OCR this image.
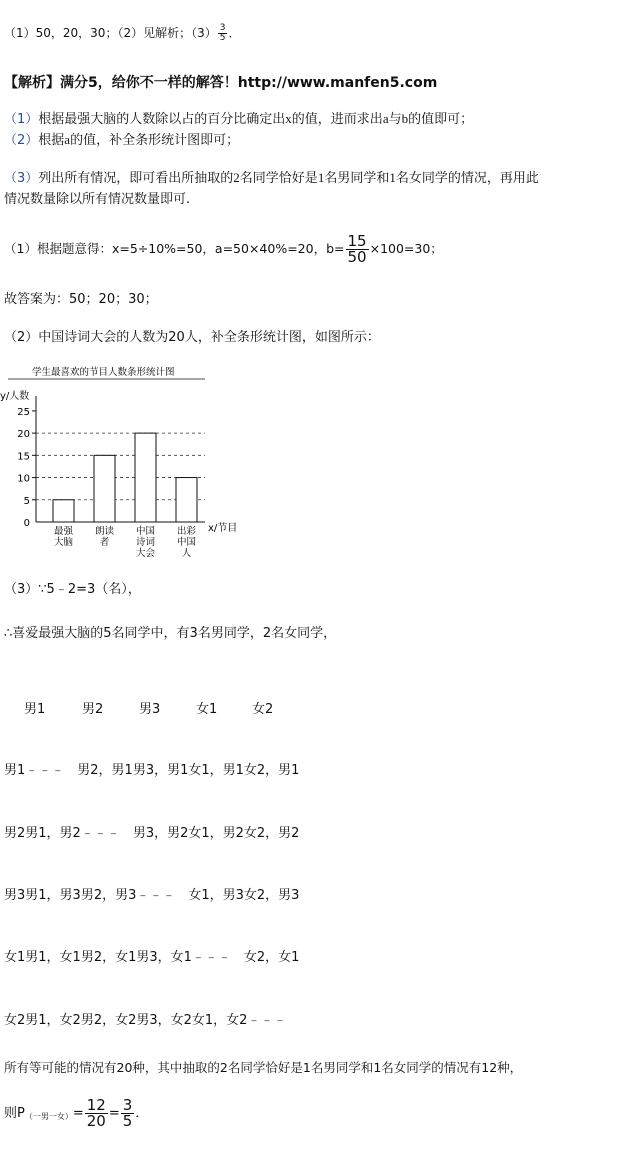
（1）50，20，30；（2）见解析；$(3) \frac{3}{5}$ ．
【解析】满分5，给你不一样的解答！http://www.manfen5.com
（1）根据最强大脑的人数除以占的百分比确定出x的值，进而求出a与b的值即可；
（2）根据a的值，补全条形统计图即可；
（3）列出所有情况，即可看出所抽取的2名同学恰好是1名男同学和1名女同学的情况，再用此
情况数量除以所有情况数量即可.
（1）根据题意得：x=5÷10%=50，a=50×40%=20，$b= \frac{15}{50} \times 100=30$；
故答案为：50；20；30；
（2）中国诗词大会的人数为20人，补全条形统计图，如图所示：
学生最喜欢的节目人数条形统计图
y/人数
0
5
10
15
20
25
最强大脑
朗读者
中国诗词大会
出彩中国人
x/节目
（3）∵5﹣2=3（名），
∴喜爱最强大脑的5名同学中，有3名男同学，2名女同学，
男1	男2	男3	女1	女2
男1﹣﹣﹣　男2，男1男3，男1女1，男1女2，男1
男2男1，男2﹣﹣﹣　男3，男2女1，男2女2，男2
男3男1，男3男2，男3﹣﹣﹣　女1，男3女2，男3
女1男1，女1男2，女1男3，女1﹣﹣﹣　女2，女1
女2男1，女2男2，女2男3，女2女1，女2﹣﹣﹣
所有等可能的情况有20种，其中抽取的2名同学恰好是1名男同学和1名女同学的情况有12种，
则P（一男一女）= $\frac{12}{20} = \frac{3}{5}$ ．
